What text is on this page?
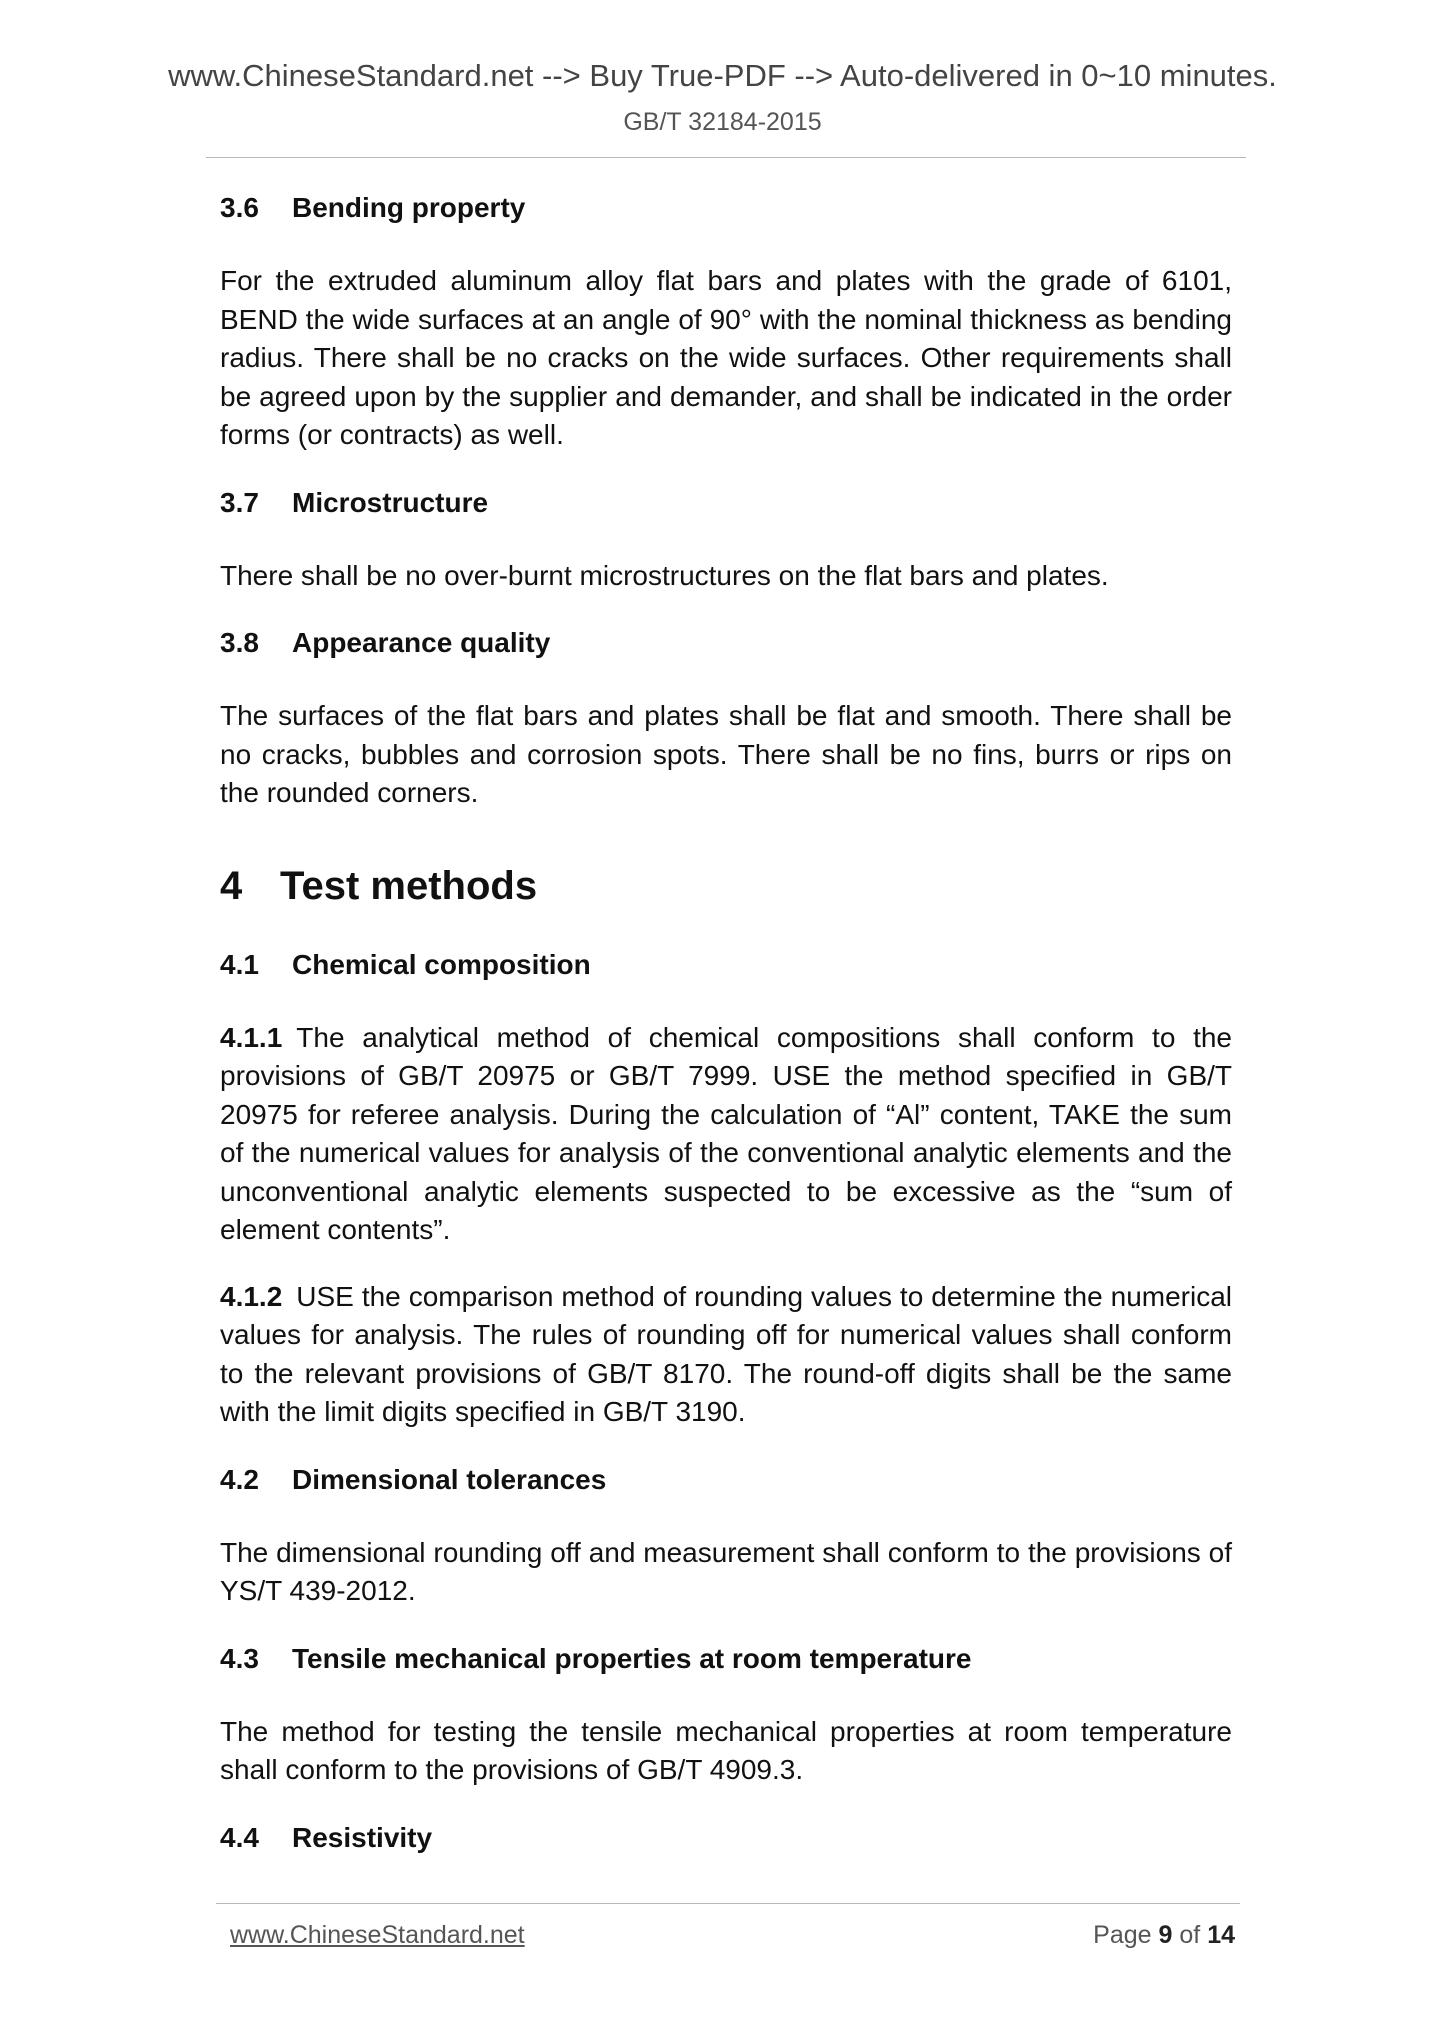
www.ChineseStandard.net --> Buy True-PDF --> Auto-delivered in 0~10 minutes.
GB/T 32184-2015
3.6 Bending property

For the extruded aluminum alloy flat bars and plates with the grade of 6101, BEND the wide surfaces at an angle of 90° with the nominal thickness as bending radius. There shall be no cracks on the wide surfaces. Other requirements shall be agreed upon by the supplier and demander, and shall be indicated in the order forms (or contracts) as well.

3.7 Microstructure

There shall be no over-burnt microstructures on the flat bars and plates.

3.8 Appearance quality

The surfaces of the flat bars and plates shall be flat and smooth. There shall be no cracks, bubbles and corrosion spots. There shall be no fins, burrs or rips on the rounded corners.

4 Test methods
4.1 Chemical composition

4.1.1 The analytical method of chemical compositions shall conform to the provisions of GB/T 20975 or GB/T 7999. USE the method specified in GB/T 20975 for referee analysis. During the calculation of “Al” content, TAKE the sum of the numerical values for analysis of the conventional analytic elements and the unconventional analytic elements suspected to be excessive as the “sum of element contents”.

4.1.2 USE the comparison method of rounding values to determine the numerical values for analysis. The rules of rounding off for numerical values shall conform to the relevant provisions of GB/T 8170. The round-off digits shall be the same with the limit digits specified in GB/T 3190.

4.2 Dimensional tolerances

The dimensional rounding off and measurement shall conform to the provisions of YS/T 439-2012.

4.3 Tensile mechanical properties at room temperature

The method for testing the tensile mechanical properties at room temperature shall conform to the provisions of GB/T 4909.3.

4.4 Resistivity
www.ChineseStandard.net	Page 9 of 14
